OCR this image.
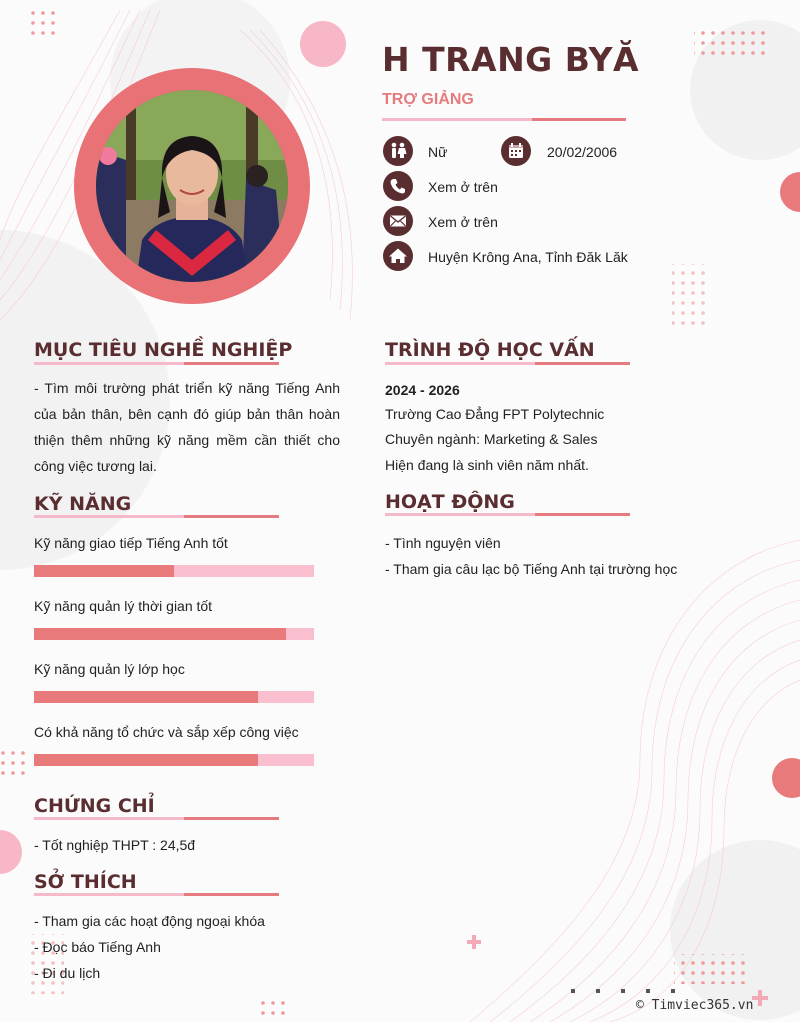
H TRANG BYĂ
TRỢ GIẢNG
Nữ	20/02/2006
Xem ở trên
Xem ở trên
Huyện Krông Ana, Tỉnh Đăk Lăk
MỤC TIÊU NGHỀ NGHIỆP
- Tìm môi trường phát triển kỹ năng Tiếng Anh của bản thân, bên cạnh đó giúp bản thân hoàn thiện thêm những kỹ năng mềm cần thiết cho công việc tương lai.
KỸ NĂNG
Kỹ năng giao tiếp Tiếng Anh tốt
Kỹ năng quản lý thời gian tốt
Kỹ năng quản lý lớp học
Có khả năng tổ chức và sắp xếp công việc
CHỨNG CHỈ
- Tốt nghiệp THPT : 24,5đ
SỞ THÍCH
- Tham gia các hoạt động ngoại khóa
- Đọc báo Tiếng Anh
- Đi du lịch
TRÌNH ĐỘ HỌC VẤN
2024 - 2026
Trường Cao Đẳng FPT Polytechnic
Chuyên ngành: Marketing & Sales
Hiện đang là sinh viên năm nhất.
HOẠT ĐỘNG
- Tình nguyện viên
- Tham gia câu lạc bộ Tiếng Anh tại trường học
© Timviec365.vn
